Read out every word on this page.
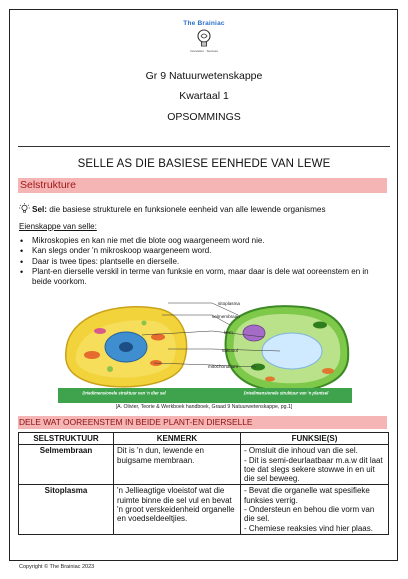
The Brainiac
Innovation · Success
Gr 9 Natuurwetenskappe
Kwartaal 1
OPSOMMINGS
SELLE AS DIE BASIESE EENHEDE VAN LEWE
Selstrukture
Sel: die basiese strukturele en funksionele eenheid van alle lewende organismes
Eienskappe van selle:
• Mikroskopies en kan nie met die blote oog waargeneem word nie.
• Kan slegs onder 'n mikroskoop waargeneem word.
• Daar is twee tipes: plantselle en dierselle.
• Plant-en dierselle verskil in terme van funksie en vorm, maar daar is dele wat ooreenstem en in beide voorkom.
sitoplasma
selmembraan
kern
vakuool
mitochondrium
Driedimensionele struktuur van 'n dier sel	Driedimensionele struktuur van 'n plantsel
[A. Olivier, Teorie & Werkboek handboek, Graad 9 Natuurwetenskappe, pg.1]
DELE WAT OOREENSTEM IN BEIDE PLANT-EN DIERSELLE
SELSTRUKTUUR	KENMERK	FUNKSIE(S)
Selmembraan	Dit is 'n dun, lewende en buigsame membraan.	- Omsluit die inhoud van die sel.
- Dit is semi-deurlaatbaar m.a.w dit laat toe dat slegs sekere stowwe in en uit die sel beweeg.

Sitoplasma	'n Jellieagtige vloeistof wat die ruimte binne die sel vul en bevat 'n groot verskeidenheid organelle en voedseldeeltjies.	- Bevat die organelle wat spesifieke funksies verrig.
- Ondersteun en behou die vorm van die sel.
- Chemiese reaksies vind hier plaas.
Copyright © The Brainiac 2023
